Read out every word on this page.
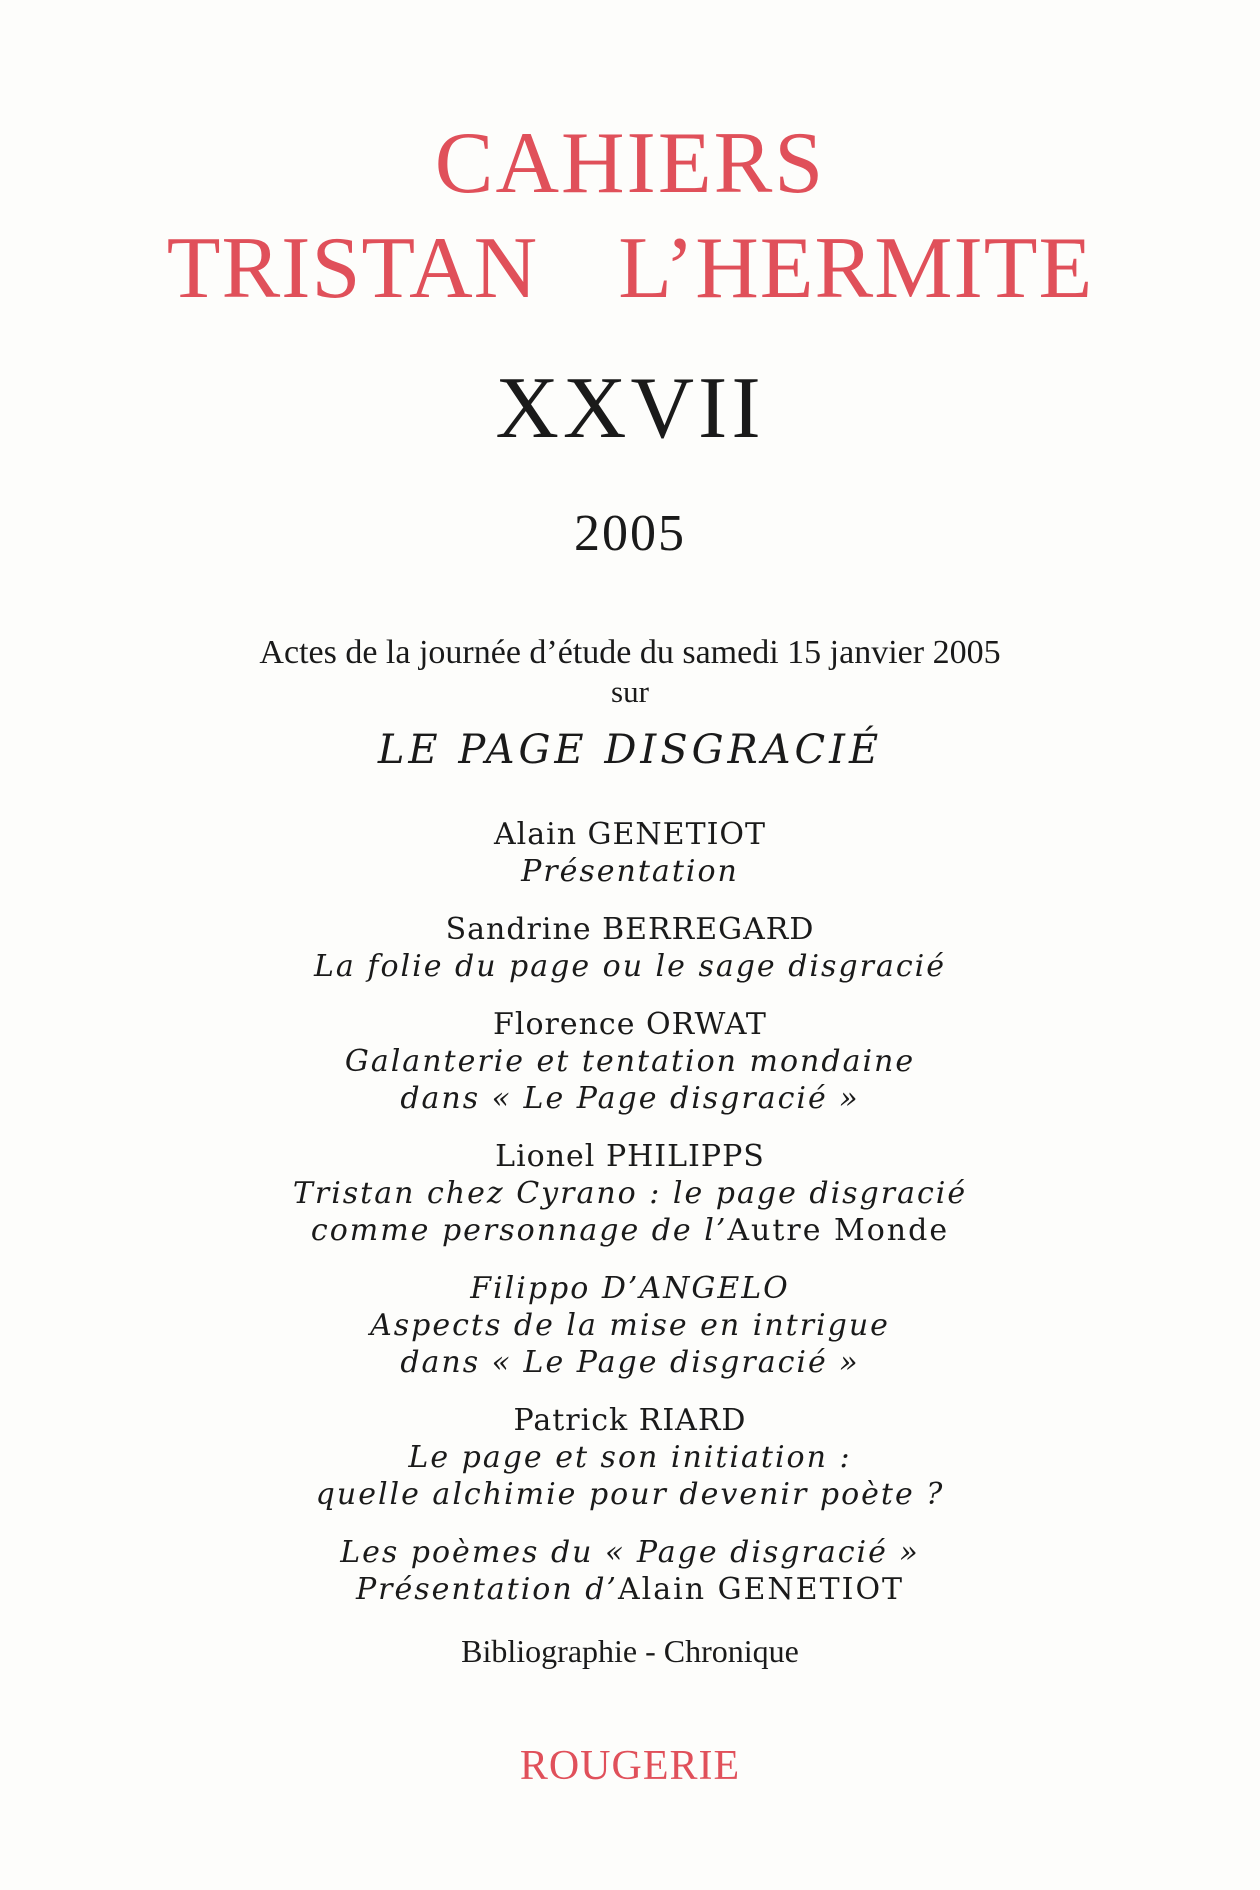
CAHIERS
TRISTAN L’HERMITE
XXVII
2005
Actes de la journée d’étude du samedi 15 janvier 2005
sur
LE PAGE DISGRACIÉ
Alain GENETIOT
Présentation
Sandrine BERREGARD
La folie du page ou le sage disgracié
Florence ORWAT
Galanterie et tentation mondaine
dans « Le Page disgracié »
Lionel PHILIPPS
Tristan chez Cyrano : le page disgracié
comme personnage de l’Autre Monde
Filippo D’ANGELO
Aspects de la mise en intrigue
dans « Le Page disgracié »
Patrick RIARD
Le page et son initiation :
quelle alchimie pour devenir poète ?
Les poèmes du « Page disgracié »
Présentation d’Alain GENETIOT
Bibliographie - Chronique
ROUGERIE
